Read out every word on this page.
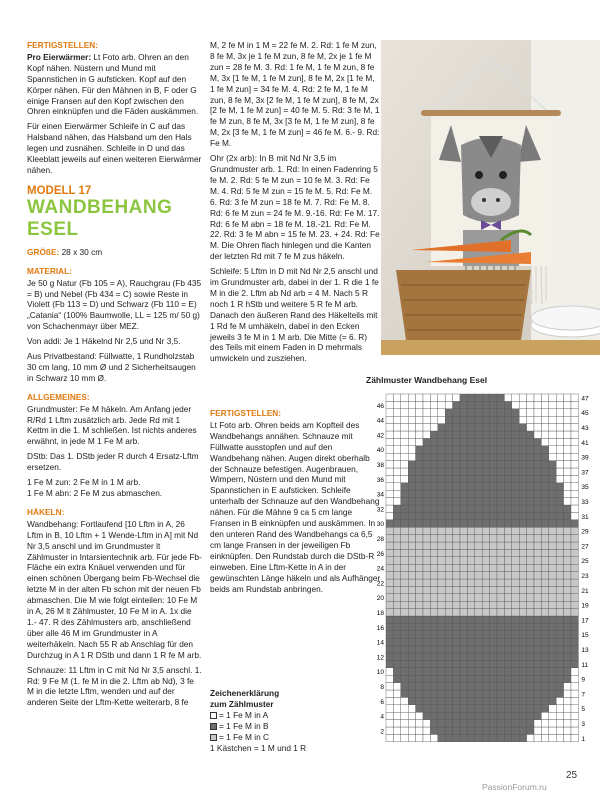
FERTIGSTELLEN:
Pro Eierwärmer: Lt Foto arb. Ohren an den Kopf nähen. Nüstern und Mund mit Spannstichen in G aufsticken. Kopf auf den Körper nähen. Für den Mähnen in B, F oder G einige Fransen auf den Kopf zwischen den Ohren einknüpfen und die Fäden auskämmen.
Für einen Eierwärmer Schleife in C auf das Halsband nähen, das Halsband um den Hals legen und zusnähen. Schleife in D und das Kleeblatt jeweils auf einen weiteren Eierwärmer nähen.
MODELL 17
WANDBEHANG ESEL
GRÖßE: 28 x 30 cm
MATERIAL:
Je 50 g Natur (Fb 105 = A), Rauchgrau (Fb 435 = B) und Nebel (Fb 434 = C) sowie Reste in Violett (Fb 113 = D) und Schwarz (Fb 110 = E) „Catania“ (100% Baumwolle, LL = 125 m/ 50 g) von Schachenmayr über MEZ.
Von addi: Je 1 Häkelnd Nr 2,5 und Nr 3,5.
Aus Privatbestand: Füllwatte, 1 Rundholzstab 30 cm lang, 10 mm Ø und 2 Sicherheitsaugen in Schwarz 10 mm Ø.
ALLGEMEINES:
Grundmuster: Fe M häkeln. Am Anfang jeder R/Rd 1 Lftm zusätzlich arb. Jede Rd mit 1 Kettm in die 1. M schließen. Ist nichts anderes erwähnt, in jede M 1 Fe M arb.
DStb: Das 1. DStb jeder R durch 4 Ersatz-Lftm ersetzen.
1 Fe M zun: 2 Fe M in 1 M arb.
1 Fe M abn: 2 Fe M zus abmaschen.
HÄKELN:
Wandbehang: Fortlaufend [10 Lftm in A, 26 Lftm in B, 10 Lftm + 1 Wende-Lftm in A] mit Nd Nr 3,5 anschl und im Grundmuster lt Zählmuster in Intarsientechnik arb. Für jede Fb-Fläche ein extra Knäuel verwenden und für einen schönen Übergang beim Fb-Wechsel die letzte M in der alten Fb schon mit der neuen Fb abmaschen. Die M wie folgt einteilen: 10 Fe M in A, 26 M lt Zählmuster, 10 Fe M in A. 1x die 1.- 47. R des Zählmusters arb, anschließend über alle 46 M im Grundmuster in A weiterhäkeln. Nach 55 R ab Anschlag für den Durchzug in A 1 R DStb und dann 1 R fe M arb.
Schnauze: 11 Lftm in C mit Nd Nr 3,5 anschl. 1. Rd: 9 Fe M (1. fe M in die 2. Lftm ab Nd), 3 fe M in die letzte Lftm, wenden und auf der anderen Seite der Lftm-Kette weiterarb, 8 fe
M, 2 fe M in 1 M = 22 fe M. 2. Rd: 1 fe M zun, 8 fe M, 3x je 1 fe M zun, 8 fe M, 2x je 1 fe M zun = 28 fe M. 3. Rd: 1 fe M, 1 fe M zun, 8 fe M, 3x [1 fe M, 1 fe M zun], 8 fe M, 2x [1 fe M, 1 fe M zun] = 34 fe M. 4. Rd: 2 fe M, 1 fe M zun, 8 fe M, 3x [2 fe M, 1 fe M zun], 8 fe M, 2x [2 fe M, 1 fe M zun] = 40 fe M. 5. Rd: 3 fe M, 1 fe M zun, 8 fe M, 3x [3 fe M, 1 fe M zun], 8 fe M, 2x [3 fe M, 1 fe M zun] = 46 fe M. 6.- 9. Rd: Fe M.
Ohr (2x arb): In B mit Nd Nr 3,5 im Grundmuster arb. 1. Rd: In einen Fadenring 5 fe M. 2. Rd: 5 fe M zun = 10 fe M. 3. Rd: Fe M. 4. Rd: 5 fe M zun = 15 fe M. 5. Rd: Fe M. 6. Rd: 3 fe M zun = 18 fe M. 7. Rd: Fe M. 8. Rd: 6 fe M zun = 24 fe M. 9.-16. Rd: Fe M. 17. Rd: 6 fe M abn = 18 fe M. 18.-21. Rd: Fe M. 22. Rd: 3 fe M abn = 15 fe M. 23. + 24. Rd: Fe M. Die Ohren flach hinlegen und die Kanten der letzten Rd mit 7 fe M zus häkeln.
Schleife: 5 Lftm in D mit Nd Nr 2,5 anschl und im Grundmuster arb, dabei in der 1. R die 1 fe M in die 2. Lftm ab Nd arb = 4 M. Nach 5 R noch 1 R hStb und weitere 5 R fe M arb. Danach den äußeren Rand des Häkelteils mit 1 Rd fe M umhäkeln, dabei in den Ecken jeweils 3 fe M in 1 M arb. Die Mitte (= 6. R) des Teils mit einem Faden in D mehrmals umwickeln und zusziehen.
FERTIGSTELLEN:
Lt Foto arb. Ohren beids am Kopfteil des Wandbehangs annähen. Schnauze mit Füllwatte ausstopfen und auf den Wandbehang nähen. Augen direkt oberhalb der Schnauze befestigen. Augenbrauen, Wimpern, Nüstern und den Mund mit Spannstichen in E aufsticken. Schleife unterhalb der Schnauze auf den Wandbehang nähen. Für die Mähne 9 ca 5 cm lange Fransen in B einknüpfen und auskämmen. In den unteren Rand des Wandbehangs ca 6,5 cm lange Fransen in der jeweiligen Fb einknüpfen. Den Rundstab durch die DStb-R einweben. Eine Lftm-Kette in A in der gewünschten Länge häkeln und als Aufhänger beids am Rundstab anbringen.
Zählmuster Wandbehang Esel
1
3
5
7
9
11
13
15
17
19
21
23
25
27
29
31
33
35
37
39
41
43
45
47
2
4
6
8
10
12
14
16
18
20
22
24
26
28
30
32
34
36
38
40
42
44
46
Zeichenerklärung
zum Zählmuster
= 1 Fe M in A
= 1 Fe M in B
= 1 Fe M in C
1 Kästchen = 1 M und 1 R
25
PassionForum.ru
